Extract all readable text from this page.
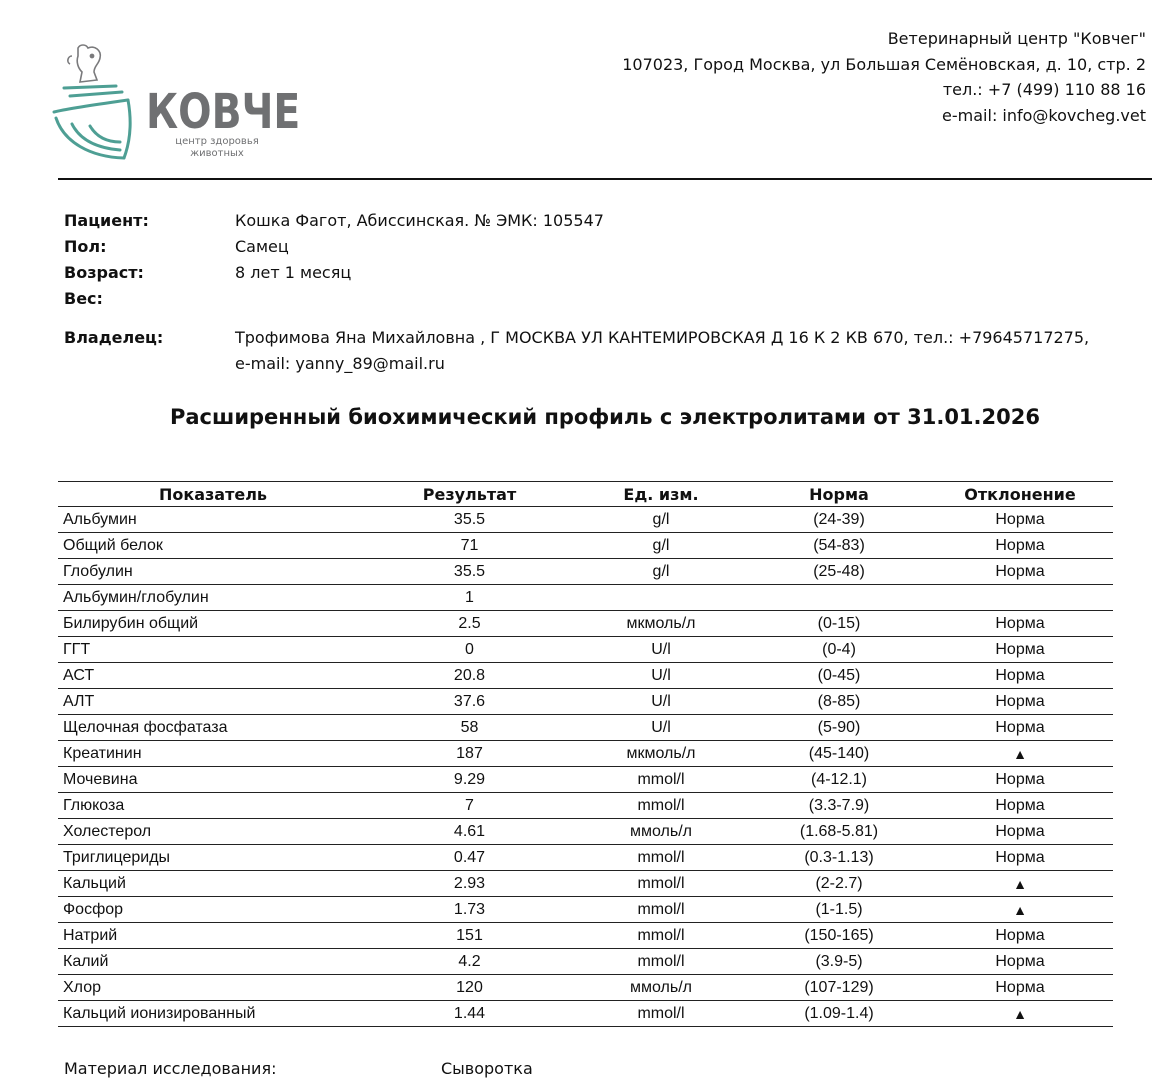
КОВЧЕ
центр здоровья
животных
Ветеринарный центр "Ковчег"
107023, Город Москва, ул Большая Семёновская, д. 10, стр. 2
тел.: +7 (499) 110 88 16
e-mail: info@kovcheg.vet
Пациент:	Кошка Фагот, Абиссинская. № ЭМК: 105547
Пол:	Самец
Возраст:	8 лет 1 месяц
Вес:
Владелец:	Трофимова Яна Михайловна , Г МОСКВА УЛ КАНТЕМИРОВСКАЯ Д 16 К 2 КВ 670, тел.: +79645717275,
e-mail: yanny_89@mail.ru
Расширенный биохимический профиль с электролитами от 31.01.2026
Показатель	Результат	Ед. изм.	Норма	Отклонение
Альбумин	35.5	g/l	(24-39)	Норма
Общий белок	71	g/l	(54-83)	Норма
Глобулин	35.5	g/l	(25-48)	Норма
Альбумин/глобулин	1			
Билирубин общий	2.5	мкмоль/л	(0-15)	Норма
ГГТ	0	U/l	(0-4)	Норма
АСТ	20.8	U/l	(0-45)	Норма
АЛТ	37.6	U/l	(8-85)	Норма
Щелочная фосфатаза	58	U/l	(5-90)	Норма
Креатинин	187	мкмоль/л	(45-140)	▲
Мочевина	9.29	mmol/l	(4-12.1)	Норма
Глюкоза	7	mmol/l	(3.3-7.9)	Норма
Холестерол	4.61	ммоль/л	(1.68-5.81)	Норма
Триглицериды	0.47	mmol/l	(0.3-1.13)	Норма
Кальций	2.93	mmol/l	(2-2.7)	▲
Фосфор	1.73	mmol/l	(1-1.5)	▲
Натрий	151	mmol/l	(150-165)	Норма
Калий	4.2	mmol/l	(3.9-5)	Норма
Хлор	120	ммоль/л	(107-129)	Норма
Кальций ионизированный	1.44	mmol/l	(1.09-1.4)	▲
Материал исследования:	Сыворотка
